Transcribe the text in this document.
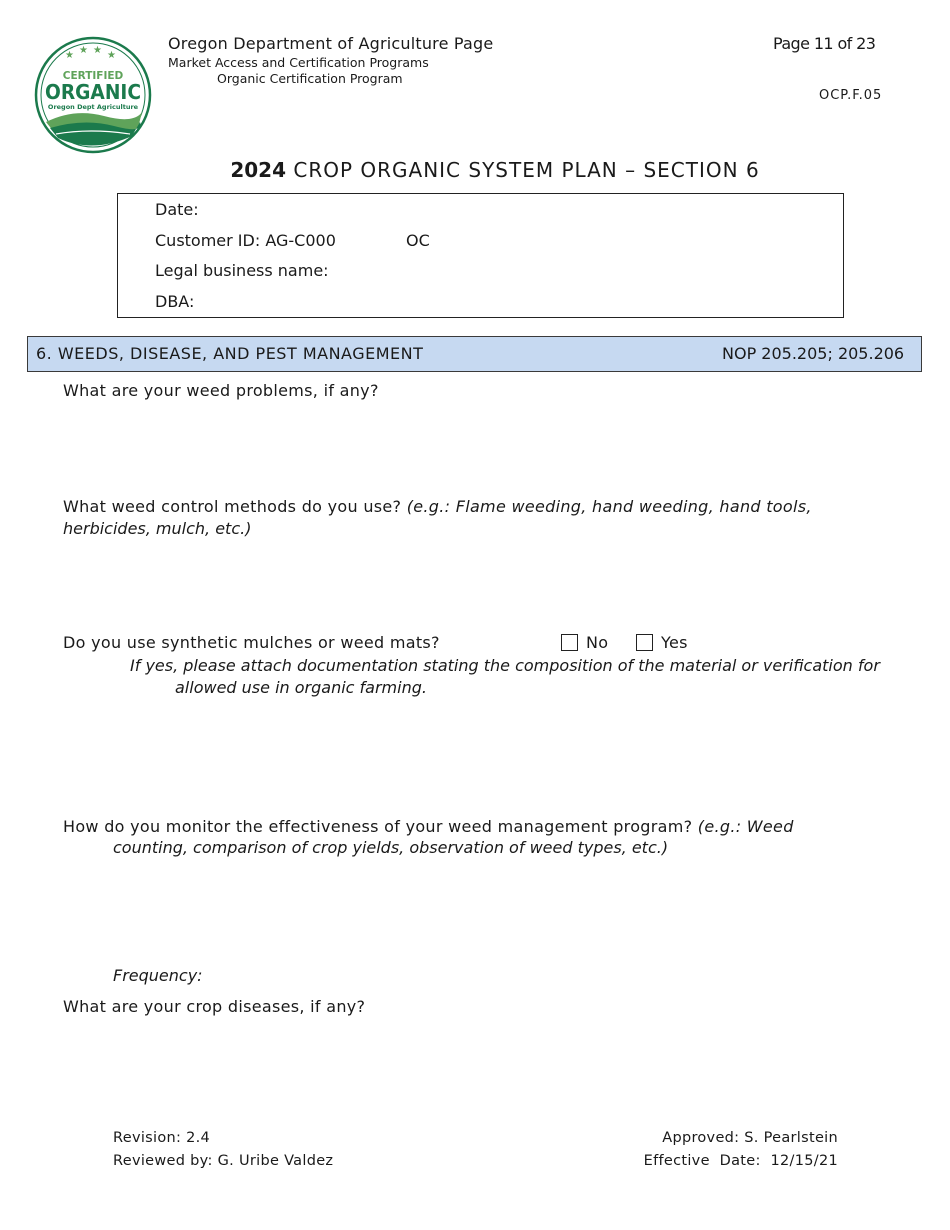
★ ★ ★ ★
CERTIFIED
ORGANIC
Oregon Dept Agriculture
Oregon Department of Agriculture Page
Market Access and Certification Programs
Organic Certification Program
Page 11 of 23
OCP.F.05
2024 CROP ORGANIC SYSTEM PLAN – SECTION 6
Date:
Customer ID: AG-C000	OC
Legal business name:
DBA:
6. WEEDS, DISEASE, AND PEST MANAGEMENT	NOP 205.205; 205.206
What are your weed problems, if any?
What weed control methods do you use? (e.g.: Flame weeding, hand weeding, hand tools,
herbicides, mulch, etc.)
Do you use synthetic mulches or weed mats?	No	Yes
If yes, please attach documentation stating the composition of the material or verification for
allowed use in organic farming.
How do you monitor the effectiveness of your weed management program? (e.g.: Weed
counting, comparison of crop yields, observation of weed types, etc.)
Frequency:
What are your crop diseases, if any?
Revision: 2.4
Reviewed by: G. Uribe Valdez
Approved: S. Pearlstein
Effective  Date:  12/15/21
